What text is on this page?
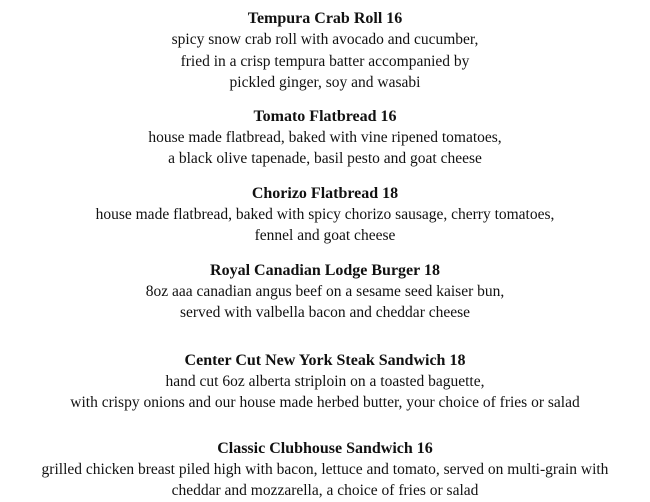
Tempura Crab Roll 16

spicy snow crab roll with avocado and cucumber,

fried in a crisp tempura batter accompanied by

pickled ginger, soy and wasabi

Tomato Flatbread 16

house made flatbread, baked with vine ripened tomatoes,

a black olive tapenade, basil pesto and goat cheese

Chorizo Flatbread 18

house made flatbread, baked with spicy chorizo sausage, cherry tomatoes,

fennel and goat cheese

Royal Canadian Lodge Burger 18

8oz aaa canadian angus beef on a sesame seed kaiser bun,

served with valbella bacon and cheddar cheese

Center Cut New York Steak Sandwich 18

hand cut 6oz alberta striploin on a toasted baguette,

with crispy onions and our house made herbed butter, your choice of fries or salad

Classic Clubhouse Sandwich 16

grilled chicken breast piled high with bacon, lettuce and tomato, served on multi-grain with

cheddar and mozzarella, a choice of fries or salad
